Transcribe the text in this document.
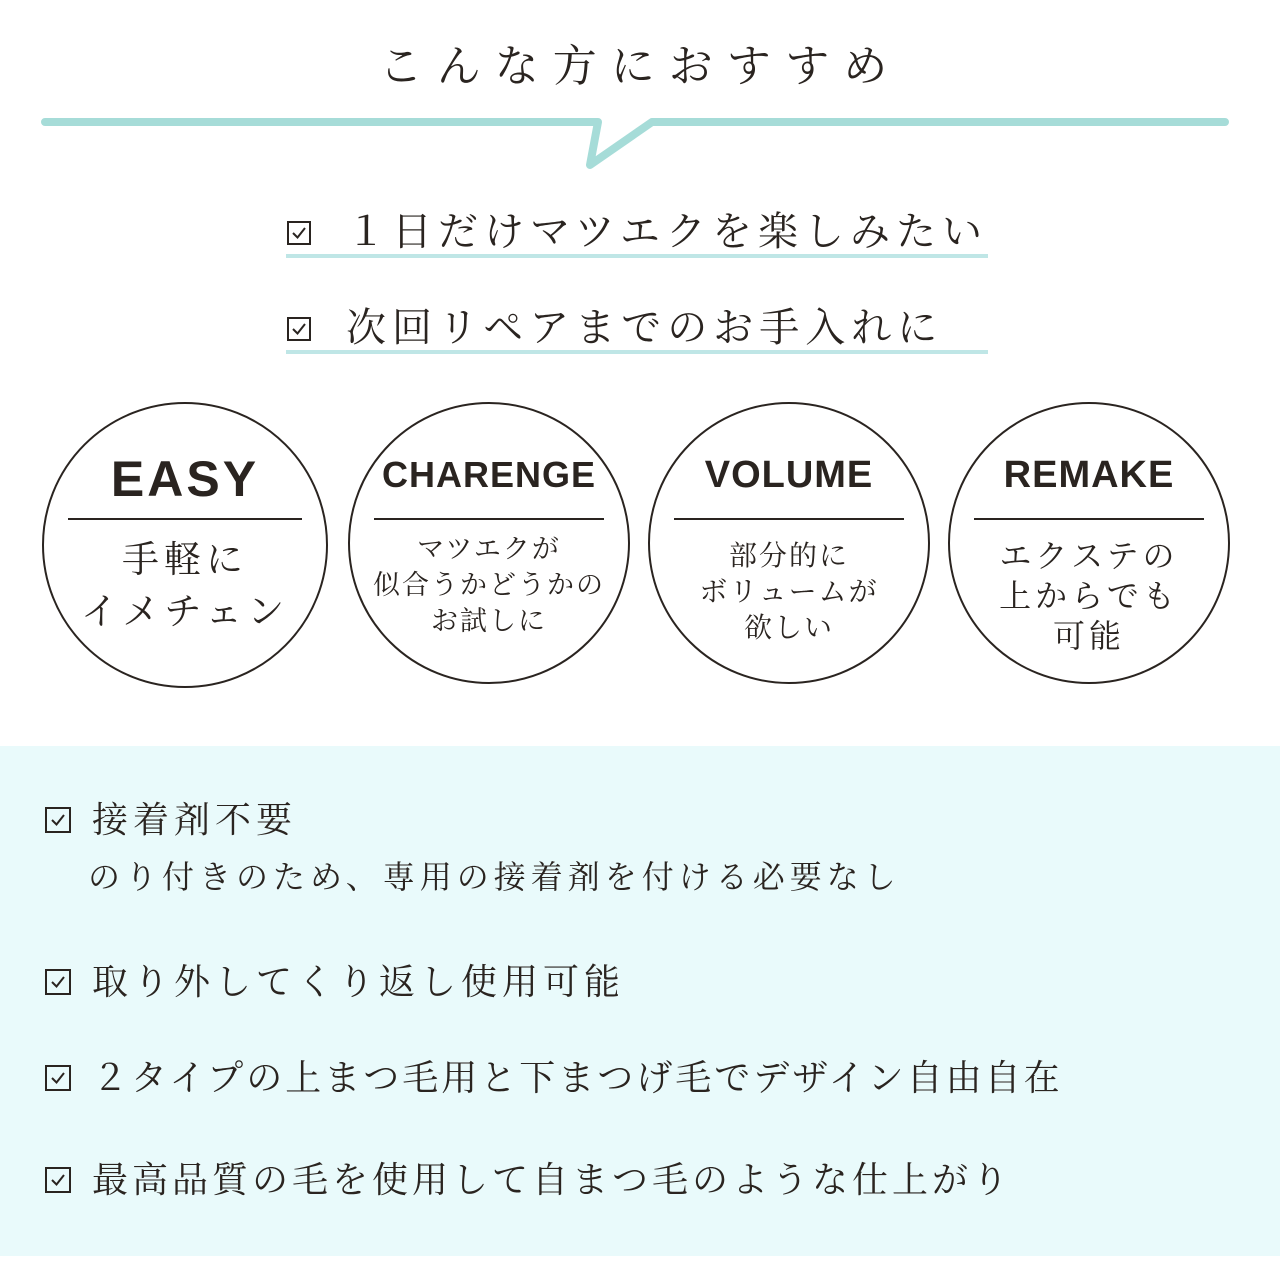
こんな方におすすめ
１日だけマツエクを楽しみたい
次回リペアまでのお手入れに
EASY
手軽に
イメチェン
CHARENGE
マツエクが
似合うかどうかの
お試しに
VOLUME
部分的に
ボリュームが
欲しい
REMAKE
エクステの
上からでも
可能
接着剤不要
のり付きのため、専用の接着剤を付ける必要なし
取り外してくり返し使用可能
２タイプの上まつ毛用と下まつげ毛でデザイン自由自在
最高品質の毛を使用して自まつ毛のような仕上がり
